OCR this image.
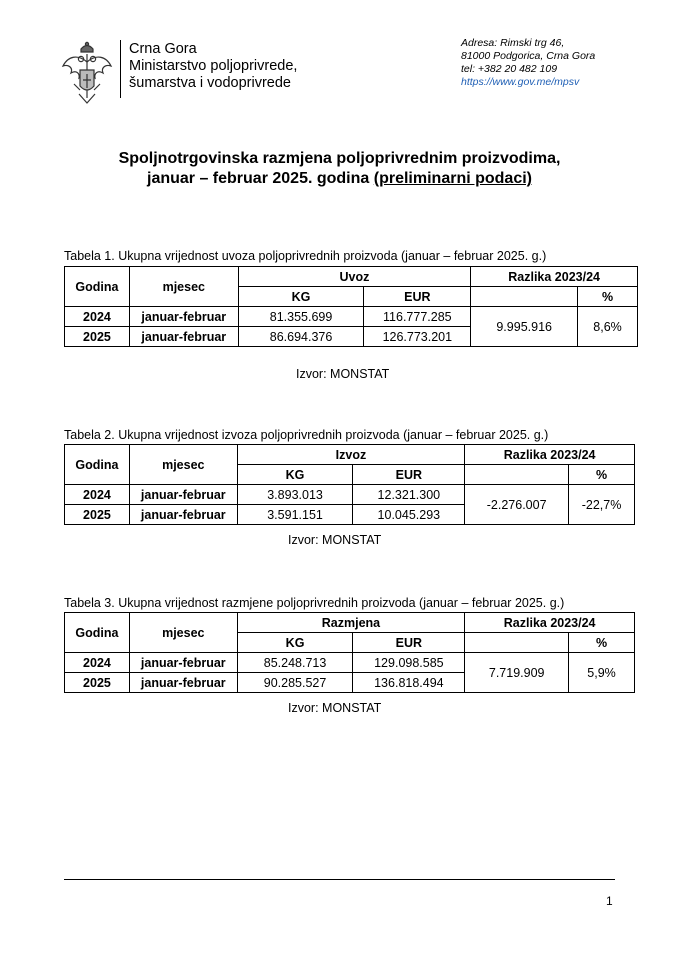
Crna Gora
Ministarstvo poljoprivrede,
šumarstva i vodoprivrede
Adresa: Rimski trg 46,
81000 Podgorica, Crna Gora
tel: +382 20 482 109
https://www.gov.me/mpsv
Spoljnotrgovinska razmjena poljoprivrednim proizvodima,
januar – februar 2025. godina (preliminarni podaci)
Tabela 1. Ukupna vrijednost uvoza poljoprivrednih proizvoda (januar – februar 2025. g.)
Godina	mjesec	Uvoz		Razlika 2023/24	
		KG	EUR		%
2024	januar-februar	81.355.699	116.777.285	9.995.916	8,6%
2025	januar-februar	86.694.376	126.773.201		
Izvor: MONSTAT
Tabela 2. Ukupna vrijednost izvoza poljoprivrednih proizvoda (januar – februar 2025. g.)
Godina	mjesec	Izvoz		Razlika 2023/24	
		KG	EUR		%
2024	januar-februar	3.893.013	12.321.300	-2.276.007	-22,7%
2025	januar-februar	3.591.151	10.045.293		
Izvor: MONSTAT
Tabela 3. Ukupna vrijednost razmjene poljoprivrednih proizvoda (januar – februar 2025. g.)
Godina	mjesec	Razmjena		Razlika 2023/24	
		KG	EUR		%
2024	januar-februar	85.248.713	129.098.585	7.719.909	5,9%
2025	januar-februar	90.285.527	136.818.494		
Izvor: MONSTAT
1
